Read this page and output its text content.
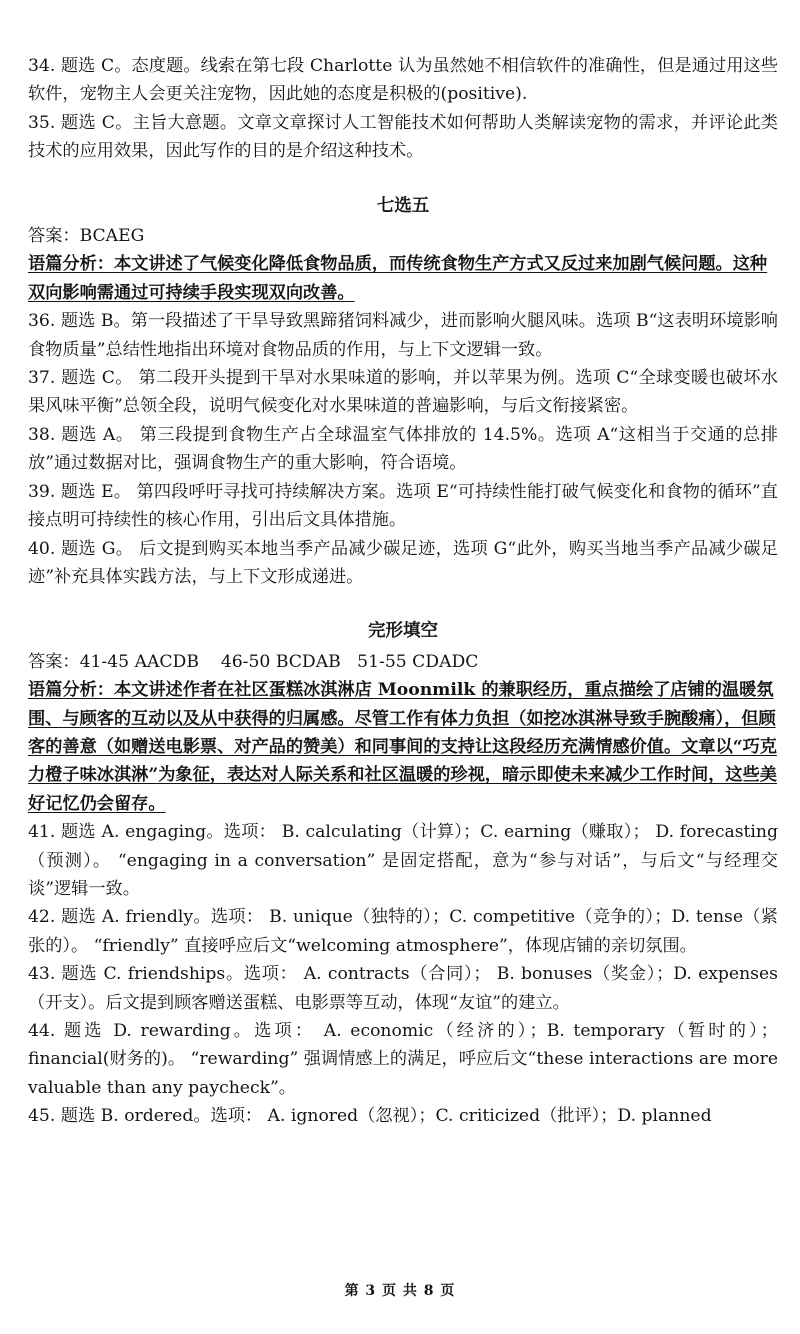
34. 题选 C。态度题。线索在第七段 Charlotte 认为虽然她不相信软件的准确性，但是通过用这些软件，宠物主人会更关注宠物，因此她的态度是积极的(positive).

35. 题选 C。主旨大意题。文章文章探讨人工智能技术如何帮助人类解读宠物的需求，并评论此类技术的应用效果，因此写作的目的是介绍这种技术。

七选五

答案：BCAEG

语篇分析：本文讲述了气候变化降低食物品质，而传统食物生产方式又反过来加剧气候问题。这种双向影响需通过可持续手段实现双向改善。

36. 题选 B。第一段描述了干旱导致黑蹄猪饲料减少，进而影响火腿风味。选项 B“这表明环境影响食物质量”总结性地指出环境对食物品质的作用，与上下文逻辑一致。

37. 题选 C。 第二段开头提到干旱对水果味道的影响，并以苹果为例。选项 C“全球变暖也破坏水果风味平衡”总领全段，说明气候变化对水果味道的普遍影响，与后文衔接紧密。

38. 题选 A。 第三段提到食物生产占全球温室气体排放的 14.5%。选项 A“这相当于交通的总排放”通过数据对比，强调食物生产的重大影响，符合语境。

39. 题选 E。 第四段呼吁寻找可持续解决方案。选项 E“可持续性能打破气候变化和食物的循环”直接点明可持续性的核心作用，引出后文具体措施。

40. 题选 G。 后文提到购买本地当季产品减少碳足迹，选项 G“此外，购买当地当季产品减少碳足迹”补充具体实践方法，与上下文形成递进。

完形填空

答案：41-45 AACDB    46-50 BCDAB   51-55 CDADC

语篇分析：本文讲述作者在社区蛋糕冰淇淋店 Moonmilk 的兼职经历，重点描绘了店铺的温暖氛围、与顾客的互动以及从中获得的归属感。尽管工作有体力负担（如挖冰淇淋导致手腕酸痛），但顾客的善意（如赠送电影票、对产品的赞美）和同事间的支持让这段经历充满情感价值。文章以“巧克力橙子味冰淇淋”为象征，表达对人际关系和社区温暖的珍视，暗示即使未来减少工作时间，这些美好记忆仍会留存。

41. 题选 A. engaging。选项： B. calculating（计算）；C. earning（赚取）； D. forecasting（预测）。 “engaging in a conversation” 是固定搭配，意为“参与对话”，与后文“与经理交谈”逻辑一致。

42. 题选 A. friendly。选项： B. unique（独特的）；C. competitive（竞争的）；D. tense（紧张的）。 “friendly” 直接呼应后文“welcoming atmosphere”，体现店铺的亲切氛围。

43. 题选 C. friendships。选项： A. contracts（合同）； B. bonuses（奖金）；D. expenses（开支）。后文提到顾客赠送蛋糕、电影票等互动，体现“友谊”的建立。

44. 题选 D. rewarding。选项： A. economic（经济的）；B. temporary（暂时的）；financial(财务的)。 “rewarding” 强调情感上的满足，呼应后文“these interactions are more valuable than any paycheck”。

45. 题选 B. ordered。选项： A. ignored（忽视）；C. criticized（批评）；D. planned

第 3 页 共 8 页
